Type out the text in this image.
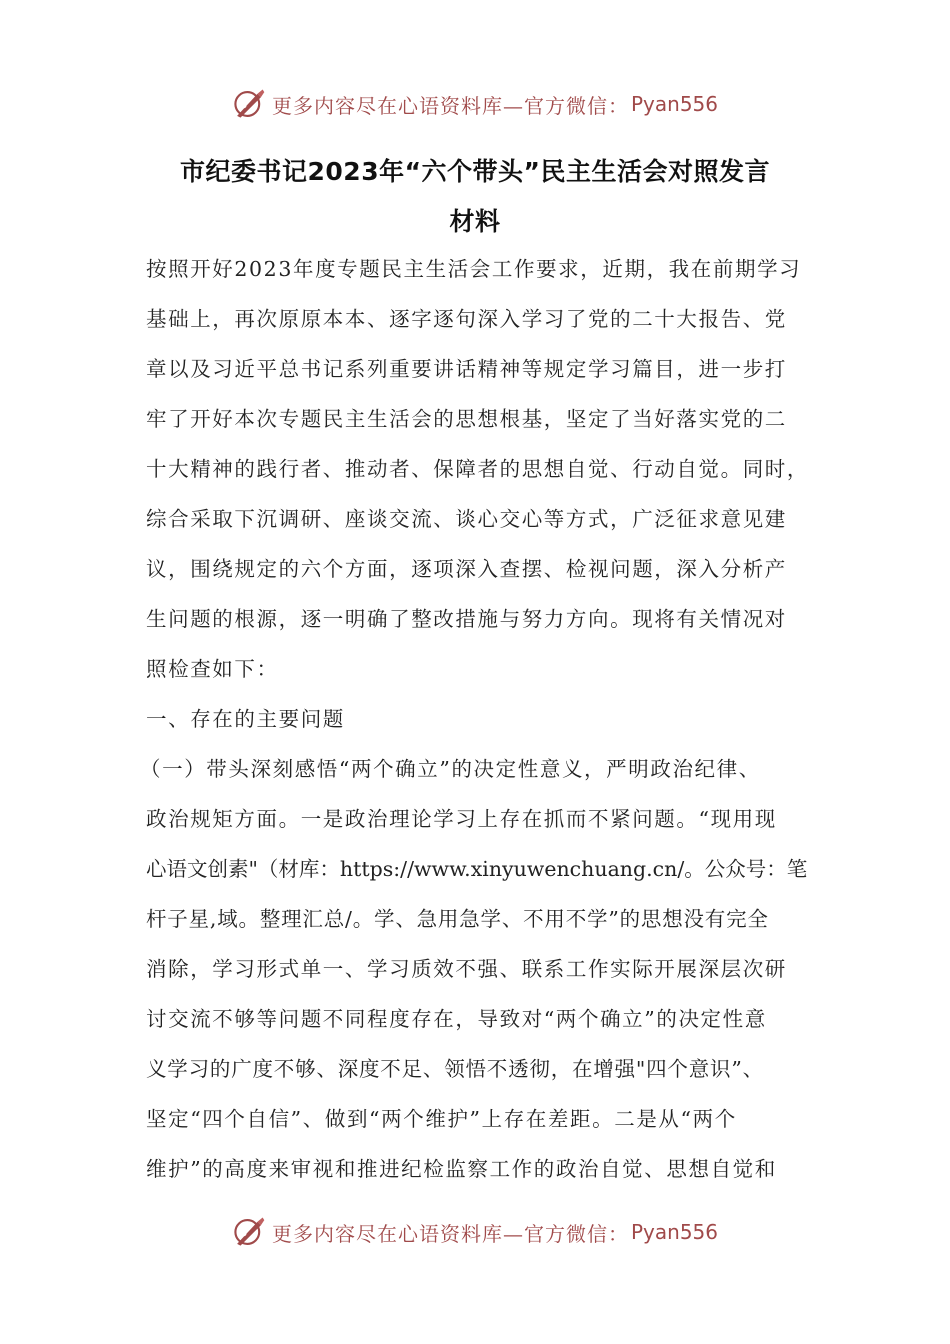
更多内容尽在心语资料库—官方微信： Pyan556
市纪委书记2023年“六个带头”民主生活会对照发言
材料

按照开好2023年度专题民主生活会工作要求，近期，我在前期学习

基础上，再次原原本本、逐字逐句深入学习了党的二十大报告、党

章以及习近平总书记系列重要讲话精神等规定学习篇目，进一步打

牢了开好本次专题民主生活会的思想根基，坚定了当好落实党的二

十大精神的践行者、推动者、保障者的思想自觉、行动自觉。同时，

综合采取下沉调研、座谈交流、谈心交心等方式，广泛征求意见建

议，围绕规定的六个方面，逐项深入查摆、检视问题，深入分析产

生问题的根源，逐一明确了整改措施与努力方向。现将有关情况对

照检查如下：

一、存在的主要问题

（一）带头深刻感悟“两个确立”的决定性意义，严明政治纪律、

政治规矩方面。一是政治理论学习上存在抓而不紧问题。“现用现

心语文创素"（材库：https://www.xinyuwenchuang.cn/。公众号：笔

杆子星,域。整理汇总/。学、急用急学、不用不学”的思想没有完全

消除，学习形式单一、学习质效不强、联系工作实际开展深层次研

讨交流不够等问题不同程度存在，导致对“两个确立”的决定性意

义学习的广度不够、深度不足、领悟不透彻，在增强"四个意识”、

坚定“四个自信”、做到“两个维护”上存在差距。二是从“两个

维护”的高度来审视和推进纪检监察工作的政治自觉、思想自觉和

更多内容尽在心语资料库—官方微信： Pyan556
